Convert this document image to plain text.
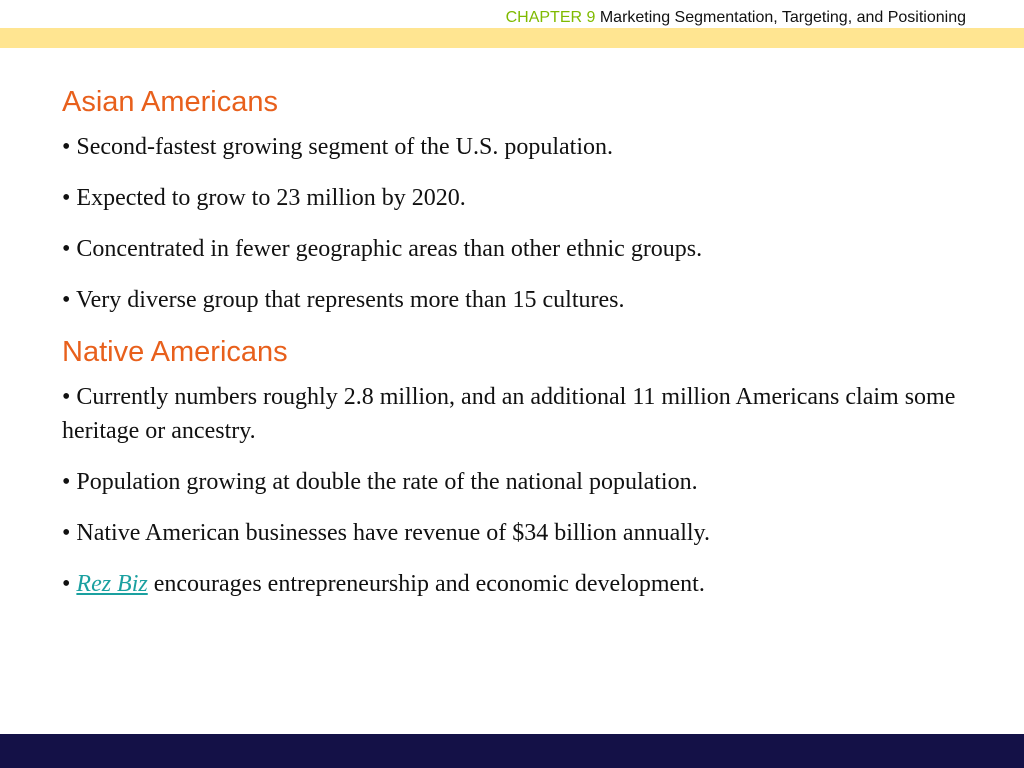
CHAPTER 9 Marketing Segmentation, Targeting, and Positioning
Asian Americans

• Second-fastest growing segment of the U.S. population.

• Expected to grow to 23 million by 2020.

• Concentrated in fewer geographic areas than other ethnic groups.

• Very diverse group that represents more than 15 cultures.

Native Americans

• Currently numbers roughly 2.8 million, and an additional 11 million Americans claim some heritage or ancestry.

• Population growing at double the rate of the national population.

• Native American businesses have revenue of $34 billion annually.

• Rez Biz encourages entrepreneurship and economic development.
